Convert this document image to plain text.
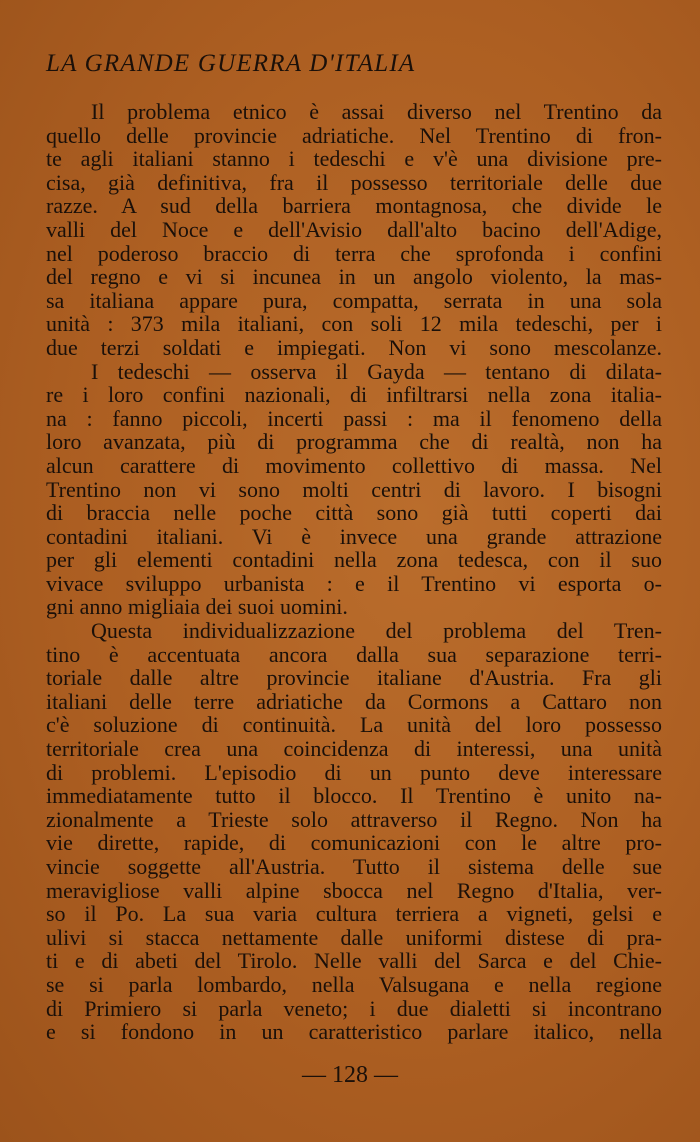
LA GRANDE GUERRA D'ITALIA
Il problema etnico è assai diverso nel Trentino da
quello delle provincie adriatiche. Nel Trentino di fron-
te agli italiani stanno i tedeschi e v'è una divisione pre-
cisa, già definitiva, fra il possesso territoriale delle due
razze. A sud della barriera montagnosa, che divide le
valli del Noce e dell'Avisio dall'alto bacino dell'Adige,
nel poderoso braccio di terra che sprofonda i confini
del regno e vi si incunea in un angolo violento, la mas-
sa italiana appare pura, compatta, serrata in una sola
unità : 373 mila italiani, con soli 12 mila tedeschi, per i
due terzi soldati e impiegati. Non vi sono mescolanze.
I tedeschi — osserva il Gayda — tentano di dilata-
re i loro confini nazionali, di infiltrarsi nella zona italia-
na : fanno piccoli, incerti passi : ma il fenomeno della
loro avanzata, più di programma che di realtà, non ha
alcun carattere di movimento collettivo di massa. Nel
Trentino non vi sono molti centri di lavoro. I bisogni
di braccia nelle poche città sono già tutti coperti dai
contadini italiani. Vi è invece una grande attrazione
per gli elementi contadini nella zona tedesca, con il suo
vivace sviluppo urbanista : e il Trentino vi esporta o-
gni anno migliaia dei suoi uomini.
Questa individualizzazione del problema del Tren-
tino è accentuata ancora dalla sua separazione terri-
toriale dalle altre provincie italiane d'Austria. Fra gli
italiani delle terre adriatiche da Cormons a Cattaro non
c'è soluzione di continuità. La unità del loro possesso
territoriale crea una coincidenza di interessi, una unità
di problemi. L'episodio di un punto deve interessare
immediatamente tutto il blocco. Il Trentino è unito na-
zionalmente a Trieste solo attraverso il Regno. Non ha
vie dirette, rapide, di comunicazioni con le altre pro-
vincie soggette all'Austria. Tutto il sistema delle sue
meravigliose valli alpine sbocca nel Regno d'Italia, ver-
so il Po. La sua varia cultura terriera a vigneti, gelsi e
ulivi si stacca nettamente dalle uniformi distese di pra-
ti e di abeti del Tirolo. Nelle valli del Sarca e del Chie-
se si parla lombardo, nella Valsugana e nella regione
di Primiero si parla veneto; i due dialetti si incontrano
e si fondono in un caratteristico parlare italico, nella
— 128 —
